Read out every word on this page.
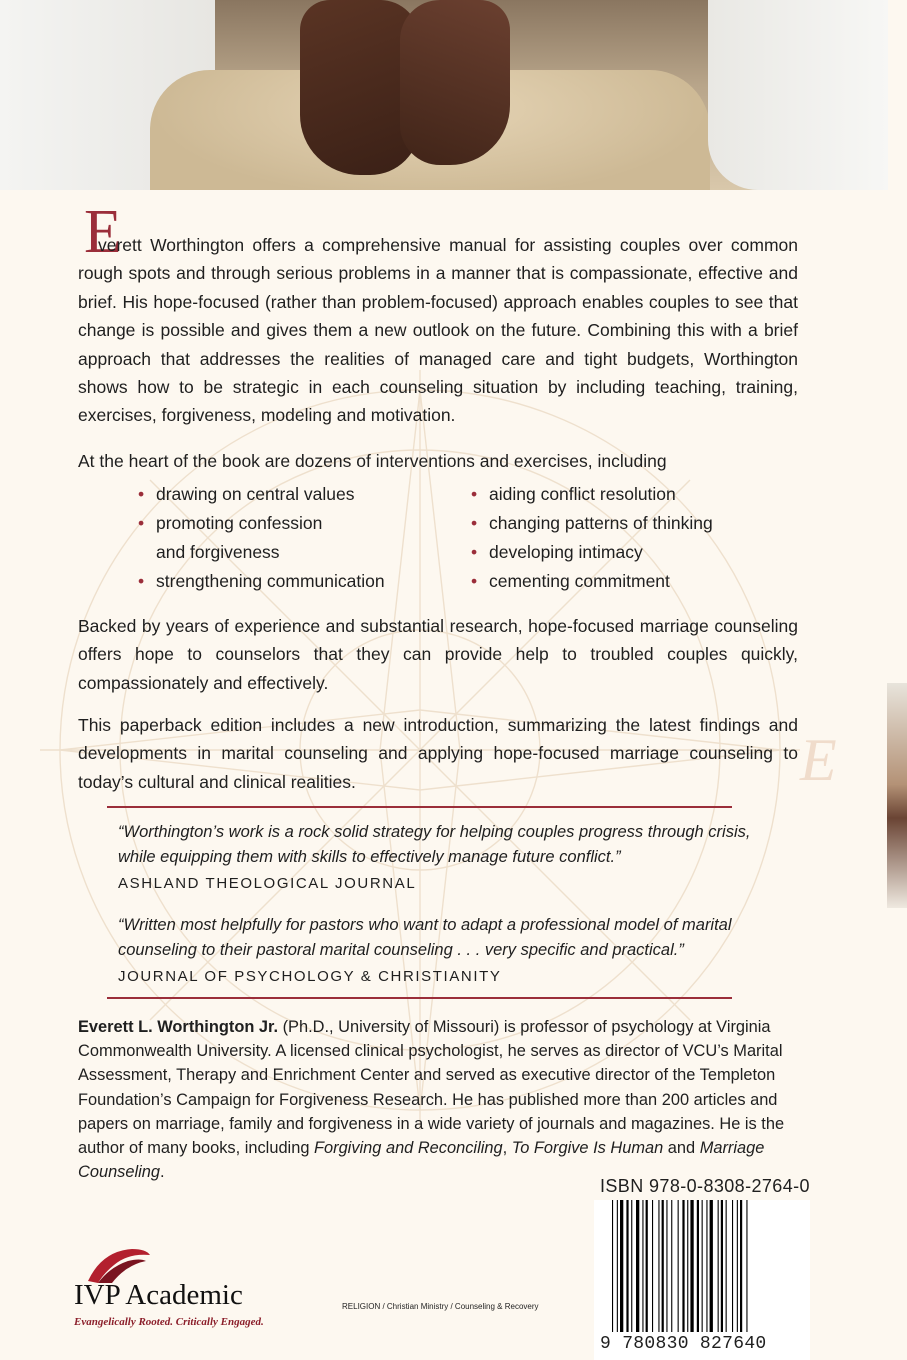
E
E

verett Worthington offers a comprehensive manual for assisting couples over common rough spots and through serious problems in a manner that is compassionate, effective and brief. His hope-focused (rather than problem-focused) approach enables couples to see that change is possible and gives them a new outlook on the future. Combining this with a brief approach that addresses the realities of managed care and tight budgets, Worthington shows how to be strategic in each counseling situation by including teaching, training, exercises, forgiveness, modeling and motivation.

At the heart of the book are dozens of interventions and exercises, including

• drawing on central values
• promoting confession
and forgiveness
• strengthening communication
• aiding conflict resolution
• changing patterns of thinking
• developing intimacy
• cementing commitment

Backed by years of experience and substantial research, hope-focused marriage counseling offers hope to counselors that they can provide help to troubled couples quickly, compassionately and effectively.

This paperback edition includes a new introduction, summarizing the latest findings and developments in marital counseling and applying hope-focused marriage counseling to today’s cultural and clinical realities.

“Worthington’s work is a rock solid strategy for helping couples progress through crisis, while equipping them with skills to effectively manage future conflict.”

ASHLAND THEOLOGICAL JOURNAL

“Written most helpfully for pastors who want to adapt a professional model of marital counseling to their pastoral marital counseling . . . very specific and practical.”

JOURNAL OF PSYCHOLOGY & CHRISTIANITY

Everett L. Worthington Jr. (Ph.D., University of Missouri) is professor of psychology at Virginia Commonwealth University. A licensed clinical psychologist, he serves as director of VCU’s Marital Assessment, Therapy and Enrichment Center and served as executive director of the Templeton Foundation’s Campaign for Forgiveness Research. He has published more than 200 articles and papers on marriage, family and forgiveness in a wide variety of journals and magazines. He is the author of many books, including Forgiving and Reconciling, To Forgive Is Human and Marriage Counseling.

ISBN 978-0-8308-2764-0

9 780830 827640

IVP Academic

Evangelically Rooted. Critically Engaged.

RELIGION / Christian Ministry / Counseling & Recovery
